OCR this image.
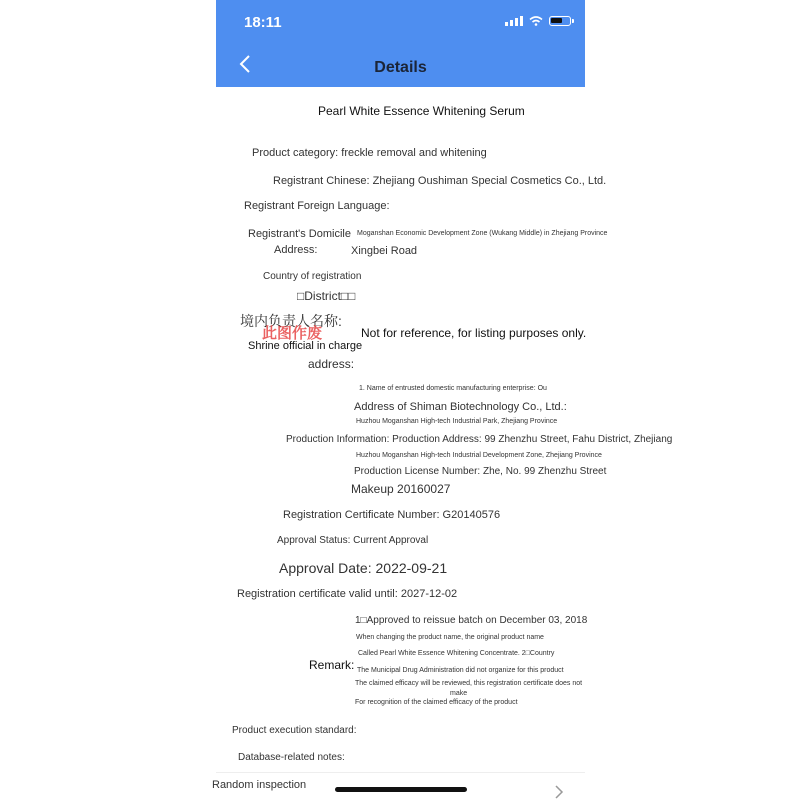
18:11
Details
Pearl White Essence Whitening Serum
Product category: freckle removal and whitening
Registrant Chinese: Zhejiang Oushiman Special Cosmetics Co., Ltd.
Registrant Foreign Language:
Registrant's Domicile
Address:
Moganshan Economic Development Zone (Wukang Middle) in Zhejiang Province
Xingbei Road
Country of registration
□District□□
境内负责人名称:
此图作废	Not for reference, for listing purposes only.
Shrine official in charge
address:
1. Name of entrusted domestic manufacturing enterprise: Ou
Address of Shiman Biotechnology Co., Ltd.:
Huzhou Moganshan High-tech Industrial Park, Zhejiang Province
Production Information: Production Address: 99 Zhenzhu Street, Fahu District, Zhejiang
Huzhou Moganshan High-tech Industrial Development Zone, Zhejiang Province
Production License Number: Zhe, No. 99 Zhenzhu Street
Makeup 20160027
Registration Certificate Number: G20140576
Approval Status: Current Approval
Approval Date: 2022-09-21
Registration certificate valid until: 2027-12-02
1□Approved to reissue batch on December 03, 2018
When changing the product name, the original product name
Called Pearl White Essence Whitening Concentrate. 2□Country
Remark: The Municipal Drug Administration did not organize for this product
The claimed efficacy will be reviewed, this registration certificate does not
make
For recognition of the claimed efficacy of the product
Product execution standard:
Database-related notes:
Random inspection
